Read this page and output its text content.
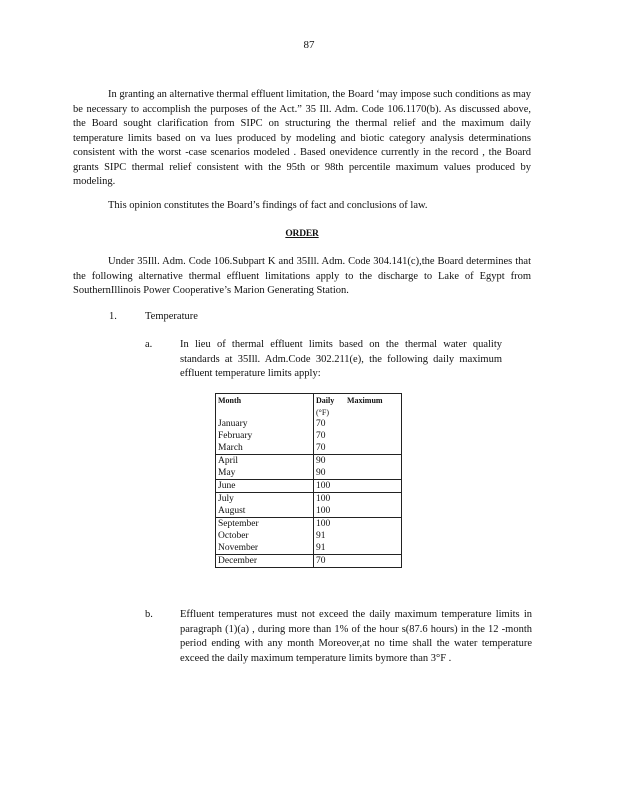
87
In granting an alternative thermal effluent limitation, the Board ‘may impose such conditions as may be necessary to accomplish the purposes of the Act.” 35 Ill. Adm. Code 106.1170(b). As discussed above, the Board sought clarification from SIPC on structuring the thermal relief and the maximum daily temperature limits based on va lues produced by modeling and biotic category analysis determinations consistent with the worst -case scenarios modeled . Based onevidence currently in the record , the Board grants SIPC thermal relief consistent with the 95th or 98th percentile maximum values produced by modeling.
This opinion constitutes the Board’s findings of fact and conclusions of law.
ORDER
Under 35Ill. Adm. Code 106.Subpart K and 35Ill. Adm. Code 304.141(c),the Board determines that the following alternative thermal effluent limitations apply to the discharge to Lake of Egypt from SouthernIllinois Power Cooperative’s Marion Generating Station.
1.	Temperature
a.	In lieu of thermal effluent limits based on the thermal water quality standards at 35Ill. Adm.Code 302.211(e), the following daily maximum effluent temperature limits apply:
Month	Daily	Maximum
	(°F)	
January	70	
February	70	
March	70	
April	90	
May	90	
June	100	
July	100	
August	100	
September	100	
October	91	
November	91	
December	70	
b.	Effluent temperatures must not exceed the daily maximum temperature limits in paragraph (1)(a) , during more than 1% of the hour s(87.6 hours) in the 12 -month period ending with any month Moreover,at no time shall the water temperature exceed the daily maximum temperature limits bymore than 3°F .
